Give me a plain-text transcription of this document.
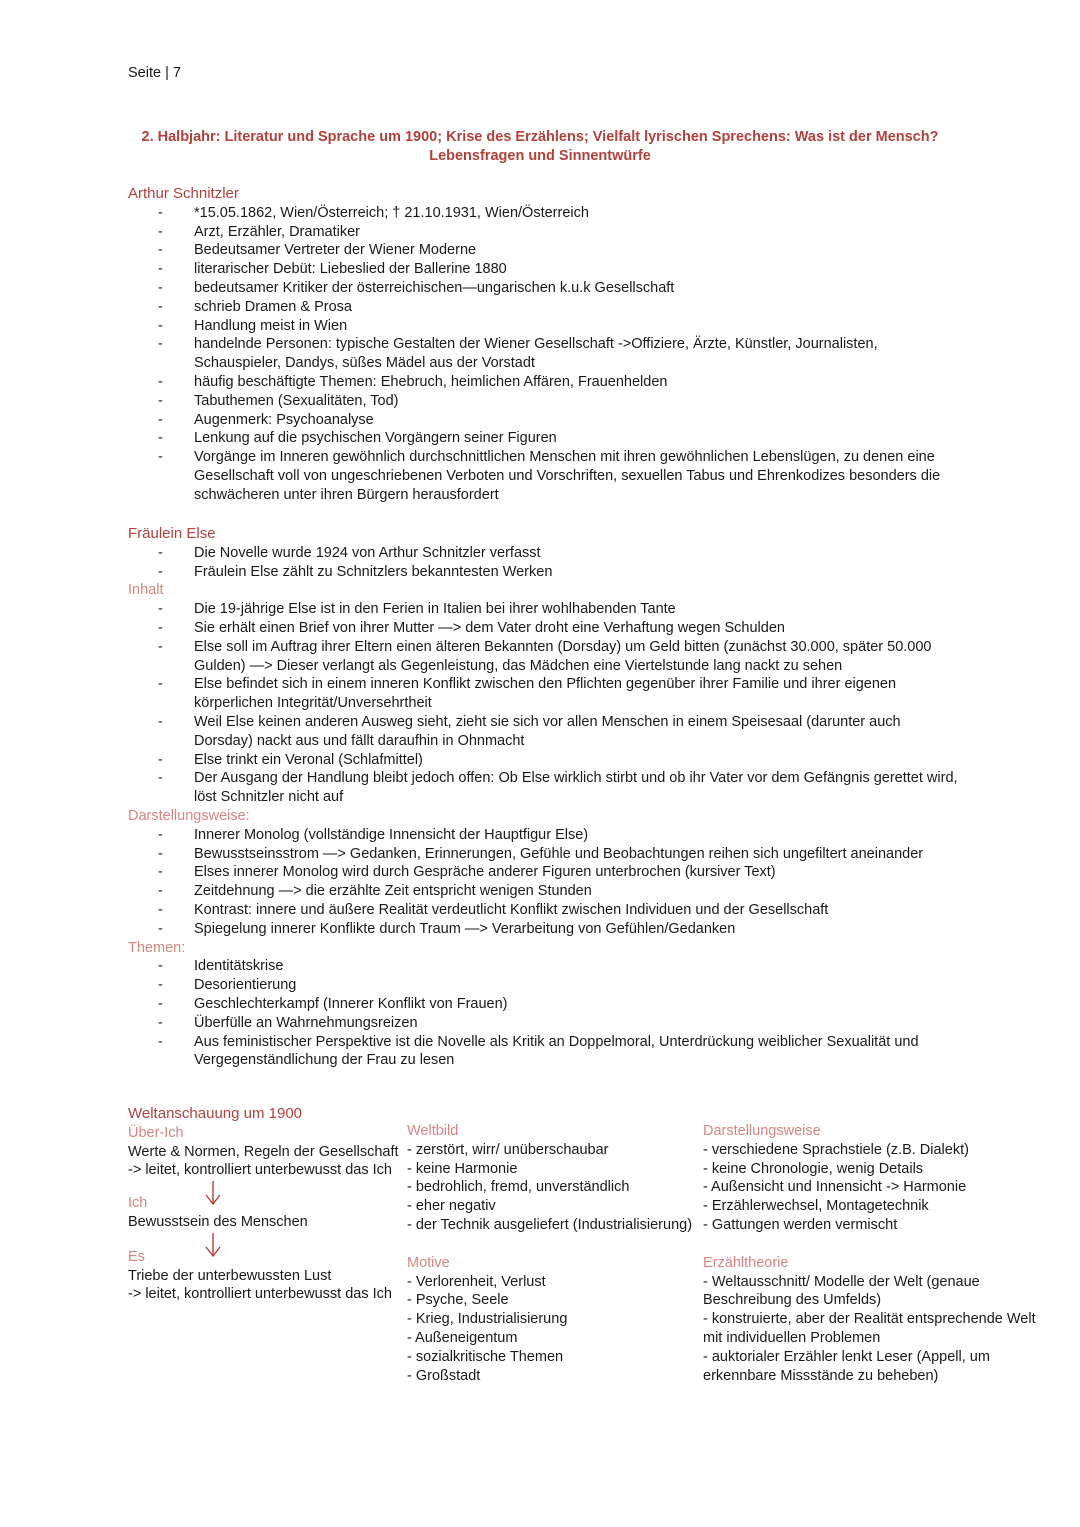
Seite | 7
2. Halbjahr: Literatur und Sprache um 1900; Krise des Erzählens; Vielfalt lyrischen Sprechens: Was ist der Mensch?
Lebensfragen und Sinnentwürfe
Arthur Schnitzler
- *15.05.1862, Wien/Österreich; † 21.10.1931, Wien/Österreich
- Arzt, Erzähler, Dramatiker
- Bedeutsamer Vertreter der Wiener Moderne
- literarischer Debüt: Liebeslied der Ballerine 1880
- bedeutsamer Kritiker der österreichischen—ungarischen k.u.k Gesellschaft
- schrieb Dramen & Prosa
- Handlung meist in Wien
- handelnde Personen: typische Gestalten der Wiener Gesellschaft ->Offiziere, Ärzte, Künstler, Journalisten, Schauspieler, Dandys, süßes Mädel aus der Vorstadt
- häufig beschäftigte Themen: Ehebruch, heimlichen Affären, Frauenhelden
- Tabuthemen (Sexualitäten, Tod)
- Augenmerk: Psychoanalyse
- Lenkung auf die psychischen Vorgängern seiner Figuren
- Vorgänge im Inneren gewöhnlich durchschnittlichen Menschen mit ihren gewöhnlichen Lebenslügen, zu denen eine Gesellschaft voll von ungeschriebenen Verboten und Vorschriften, sexuellen Tabus und Ehrenkodizes besonders die schwächeren unter ihren Bürgern herausfordert
Fräulein Else
- Die Novelle wurde 1924 von Arthur Schnitzler verfasst
- Fräulein Else zählt zu Schnitzlers bekanntesten Werken
Inhalt
- Die 19-jährige Else ist in den Ferien in Italien bei ihrer wohlhabenden Tante
- Sie erhält einen Brief von ihrer Mutter —> dem Vater droht eine Verhaftung wegen Schulden
- Else soll im Auftrag ihrer Eltern einen älteren Bekannten (Dorsday) um Geld bitten (zunächst 30.000, später 50.000 Gulden) —> Dieser verlangt als Gegenleistung, das Mädchen eine Viertelstunde lang nackt zu sehen
- Else befindet sich in einem inneren Konflikt zwischen den Pflichten gegenüber ihrer Familie und ihrer eigenen körperlichen Integrität/Unversehrtheit
- Weil Else keinen anderen Ausweg sieht, zieht sie sich vor allen Menschen in einem Speisesaal (darunter auch Dorsday) nackt aus und fällt daraufhin in Ohnmacht
- Else trinkt ein Veronal (Schlafmittel)
- Der Ausgang der Handlung bleibt jedoch offen: Ob Else wirklich stirbt und ob ihr Vater vor dem Gefängnis gerettet wird, löst Schnitzler nicht auf
Darstellungsweise:
- Innerer Monolog (vollständige Innensicht der Hauptfigur Else)
- Bewusstseinsstrom —> Gedanken, Erinnerungen, Gefühle und Beobachtungen reihen sich ungefiltert aneinander
- Elses innerer Monolog wird durch Gespräche anderer Figuren unterbrochen (kursiver Text)
- Zeitdehnung —> die erzählte Zeit entspricht wenigen Stunden
- Kontrast: innere und äußere Realität verdeutlicht Konflikt zwischen Individuen und der Gesellschaft
- Spiegelung innerer Konflikte durch Traum —> Verarbeitung von Gefühlen/Gedanken
Themen:
- Identitätskrise
- Desorientierung
- Geschlechterkampf (Innerer Konflikt von Frauen)
- Überfülle an Wahrnehmungsreizen
- Aus feministischer Perspektive ist die Novelle als Kritik an Doppelmoral, Unterdrückung weiblicher Sexualität und Vergegenständlichung der Frau zu lesen
Weltanschauung um 1900
Über-Ich
Werte & Normen, Regeln der Gesellschaft
-> leitet, kontrolliert unterbewusst das Ich
Ich
Bewusstsein des Menschen
Es
Triebe der unterbewussten Lust
-> leitet, kontrolliert unterbewusst das Ich
Weltbild
- zerstört, wirr/ unüberschaubar
- keine Harmonie
- bedrohlich, fremd, unverständlich
- eher negativ
- der Technik ausgeliefert (Industrialisierung)
Motive
- Verlorenheit, Verlust
- Psyche, Seele
- Krieg, Industrialisierung
- Außeneigentum
- sozialkritische Themen
- Großstadt
Darstellungsweise
- verschiedene Sprachstiele (z.B. Dialekt)
- keine Chronologie, wenig Details
- Außensicht und Innensicht -> Harmonie
- Erzählerwechsel, Montagetechnik
- Gattungen werden vermischt
Erzähltheorie
- Weltausschnitt/ Modelle der Welt (genaue
Beschreibung des Umfelds)
- konstruierte, aber der Realität entsprechende Welt
mit individuellen Problemen
- auktorialer Erzähler lenkt Leser (Appell, um
erkennbare Missstände zu beheben)
